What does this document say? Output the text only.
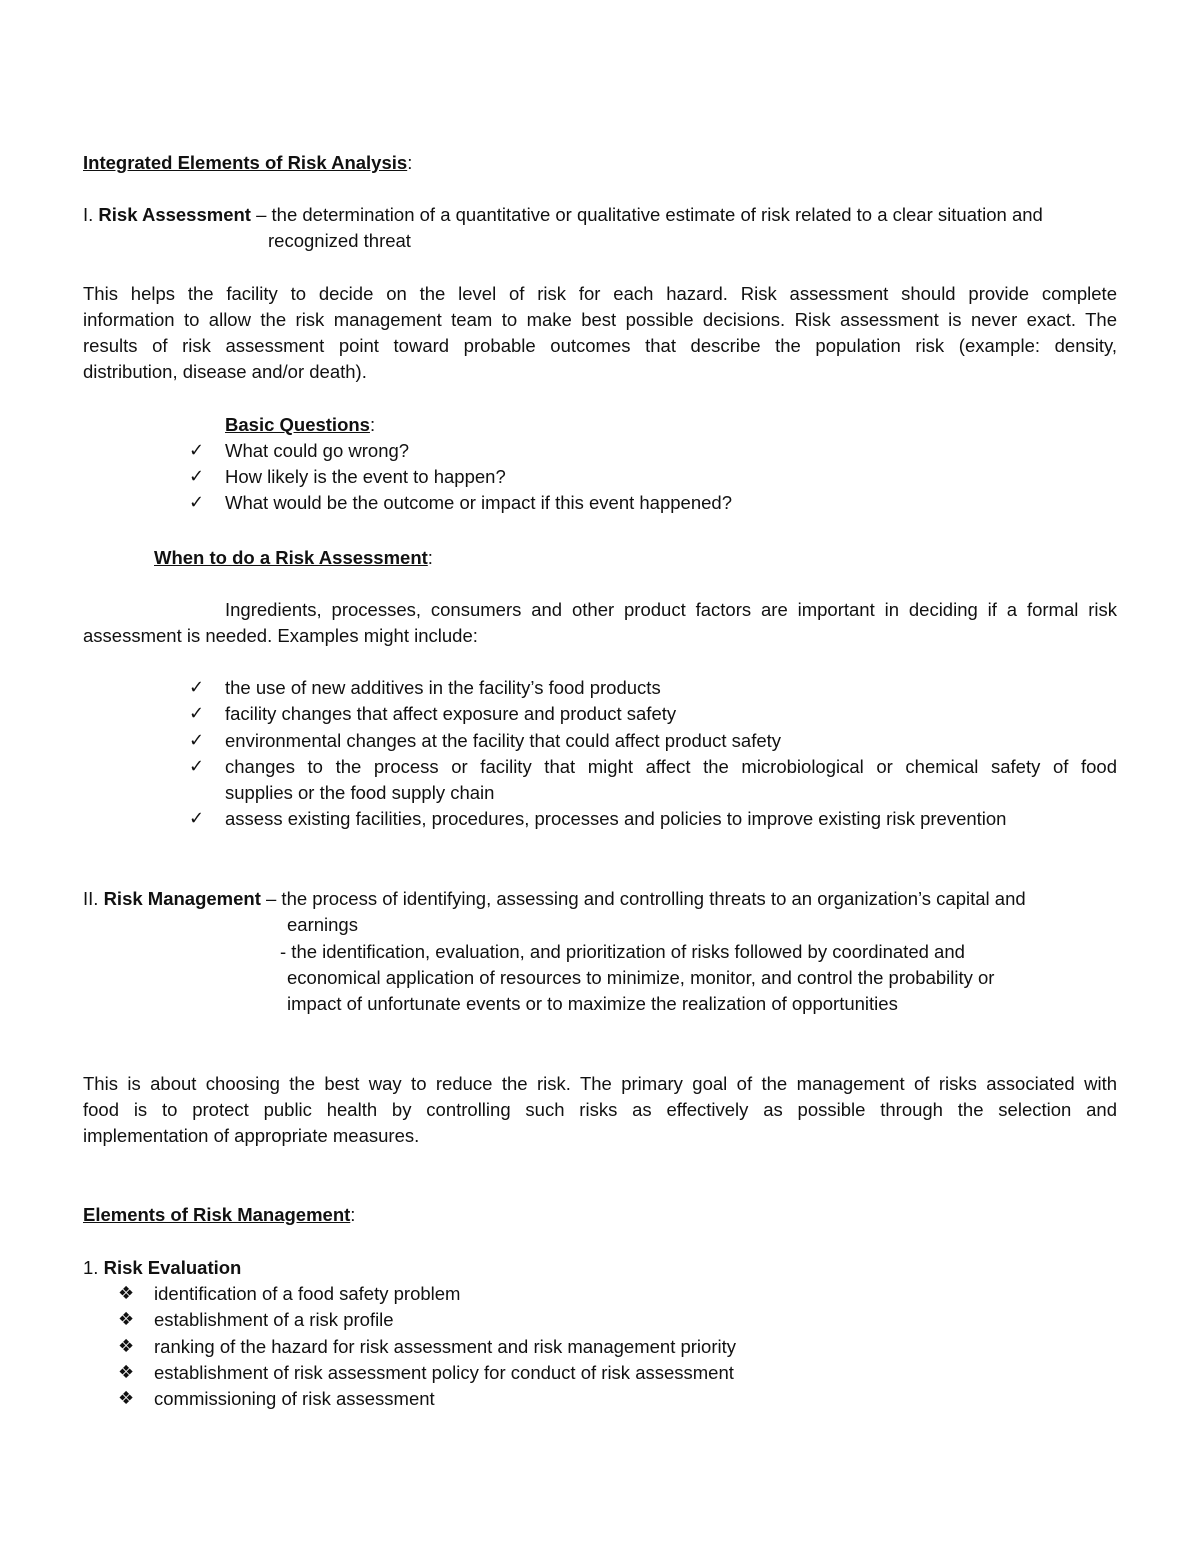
Integrated Elements of Risk Analysis:
I. Risk Assessment – the determination of a quantitative or qualitative estimate of risk related to a clear situation and
recognized threat
This helps the facility to decide on the level of risk for each hazard. Risk assessment should provide complete
information to allow the risk management team to make best possible decisions. Risk assessment is never exact. The
results of risk assessment point toward probable outcomes that describe the population risk (example: density,
distribution, disease and/or death).
Basic Questions:
✓ What could go wrong?
✓ How likely is the event to happen?
✓ What would be the outcome or impact if this event happened?
When to do a Risk Assessment:
Ingredients, processes, consumers and other product factors are important in deciding if a formal risk
assessment is needed. Examples might include:
✓ the use of new additives in the facility’s food products
✓ facility changes that affect exposure and product safety
✓ environmental changes at the facility that could affect product safety
✓ changes to the process or facility that might affect the microbiological or chemical safety of food
supplies or the food supply chain
✓ assess existing facilities, procedures, processes and policies to improve existing risk prevention
II. Risk Management – the process of identifying, assessing and controlling threats to an organization’s capital and
earnings
- the identification, evaluation, and prioritization of risks followed by coordinated and
economical application of resources to minimize, monitor, and control the probability or
impact of unfortunate events or to maximize the realization of opportunities
This is about choosing the best way to reduce the risk. The primary goal of the management of risks associated with
food is to protect public health by controlling such risks as effectively as possible through the selection and
implementation of appropriate measures.
Elements of Risk Management:
1. Risk Evaluation
❖ identification of a food safety problem
❖ establishment of a risk profile
❖ ranking of the hazard for risk assessment and risk management priority
❖ establishment of risk assessment policy for conduct of risk assessment
❖ commissioning of risk assessment
